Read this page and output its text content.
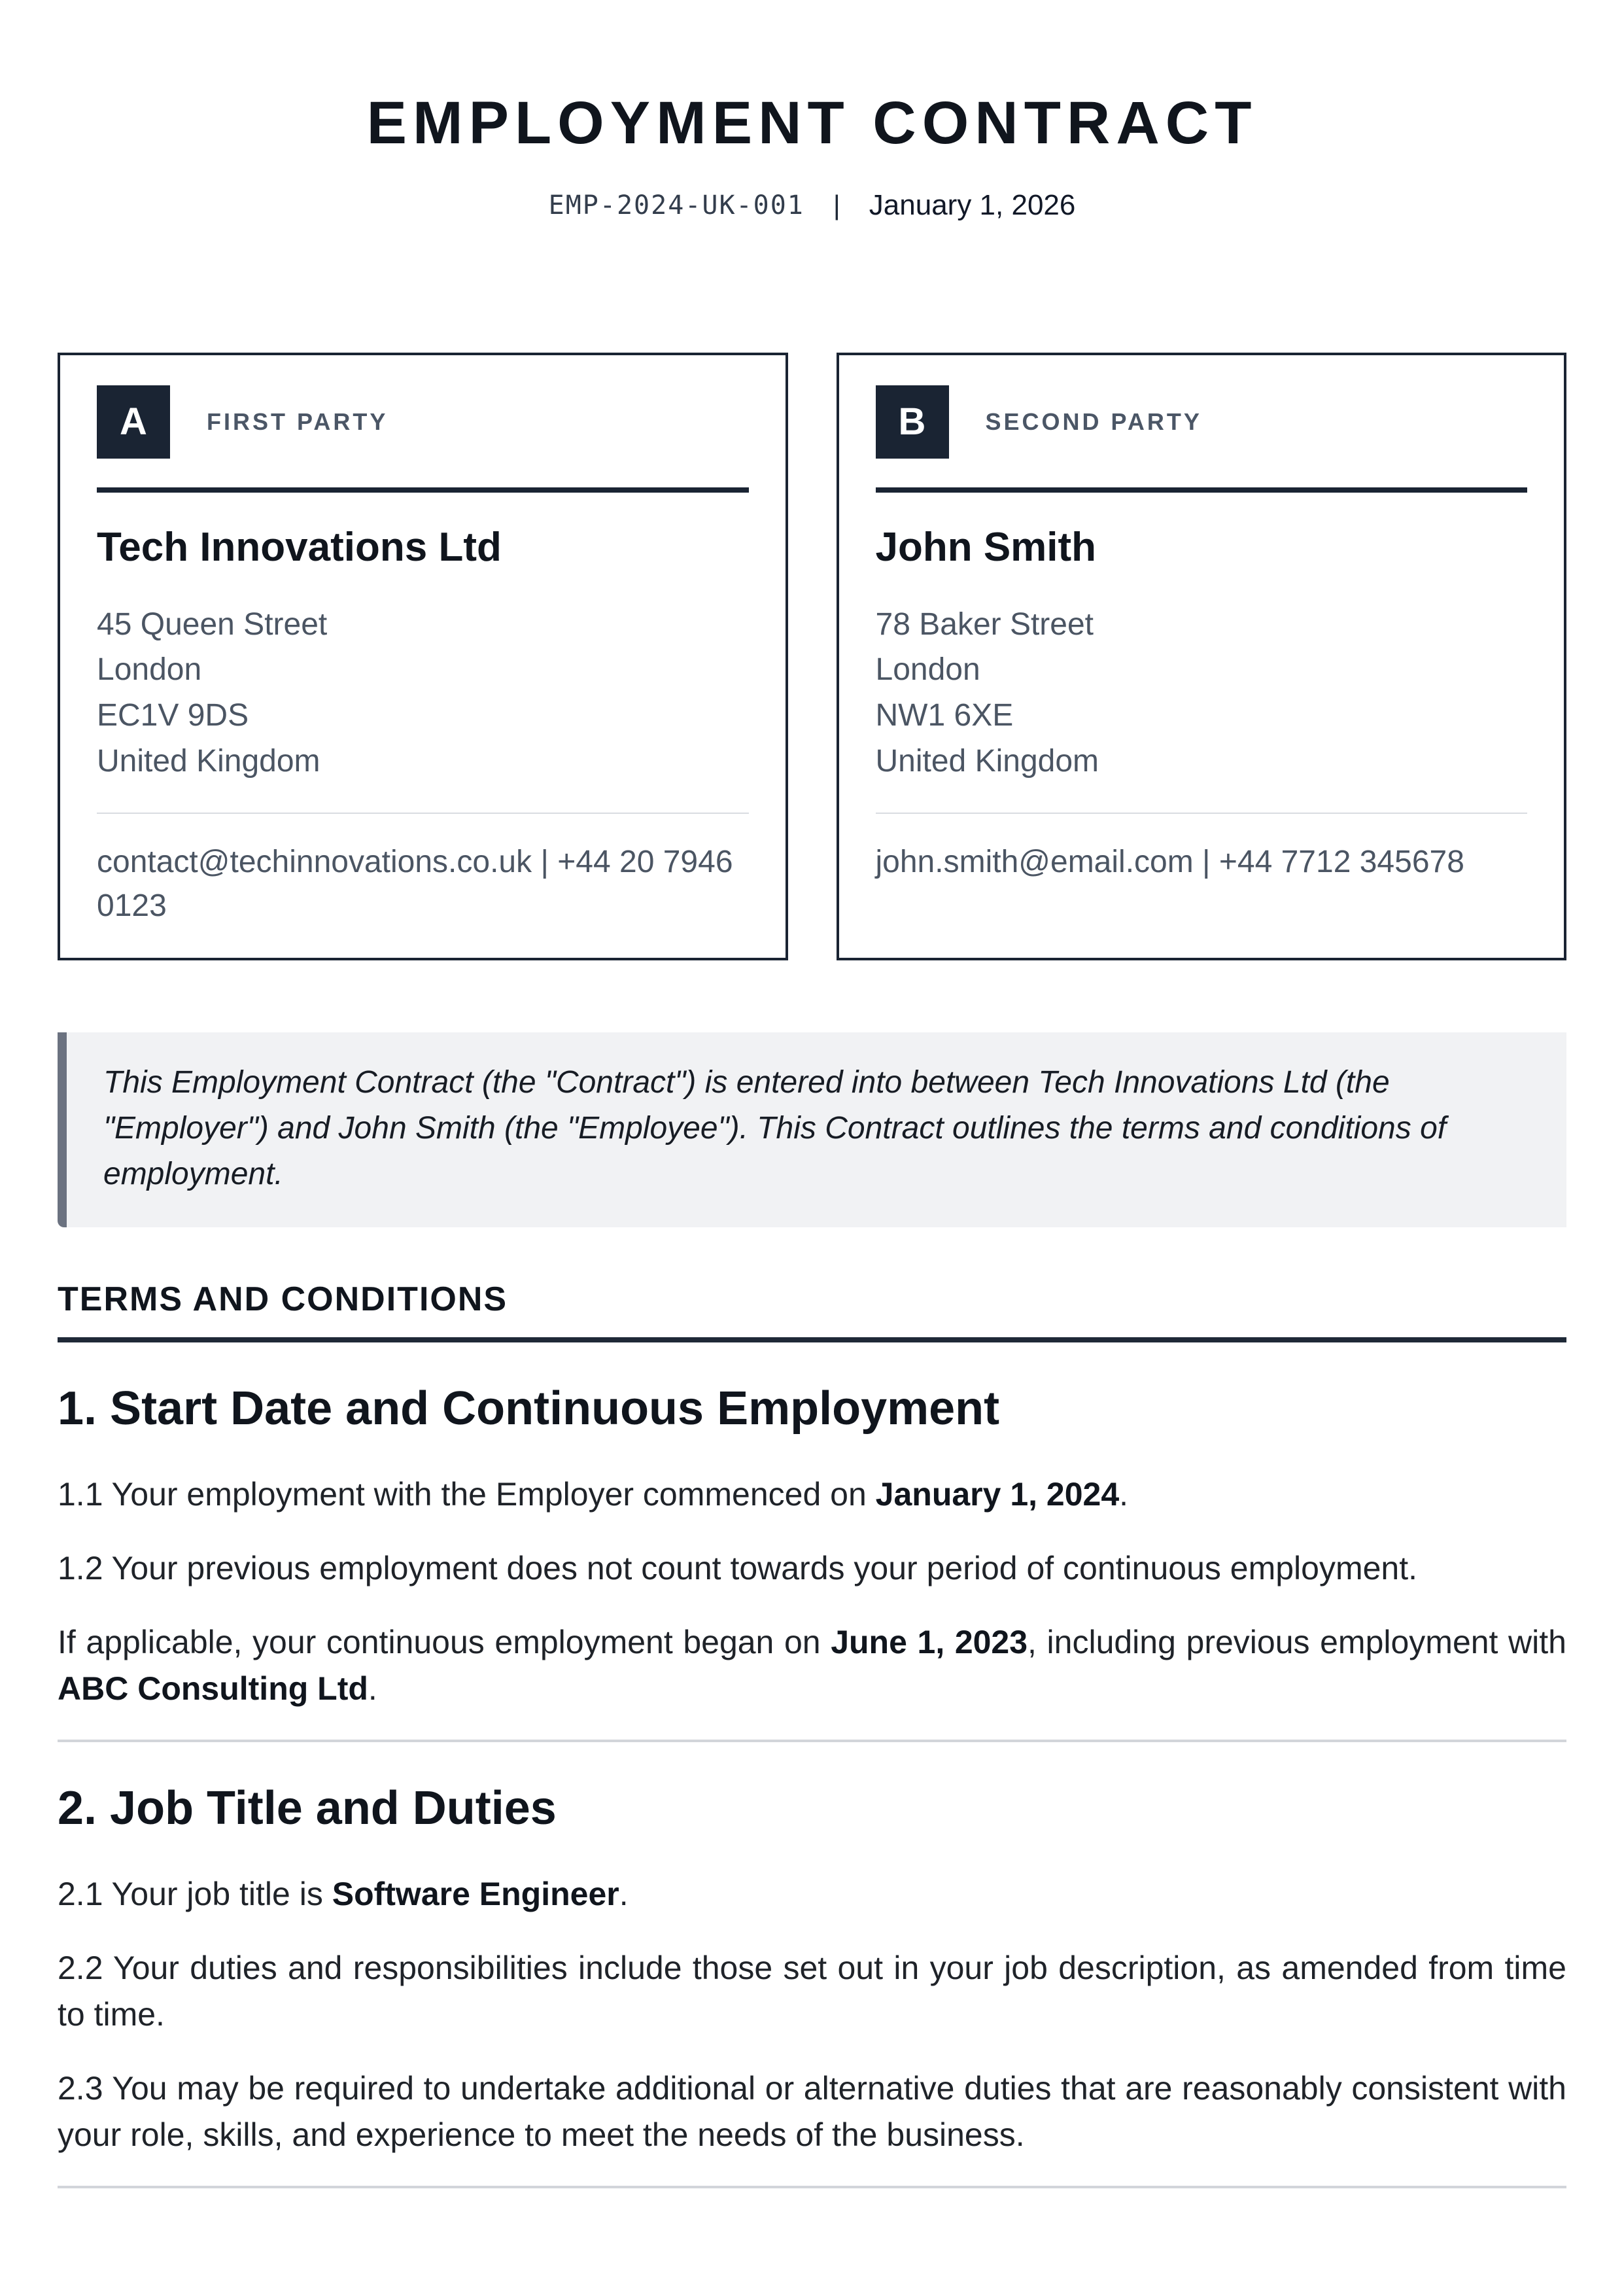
EMPLOYMENT CONTRACT
EMP-2024-UK-001 | January 1, 2026
A	FIRST PARTY
Tech Innovations Ltd
45 Queen Street
London
EC1V 9DS
United Kingdom
contact@techinnovations.co.uk | +44 20 7946 0123
B	SECOND PARTY
John Smith
78 Baker Street
London
NW1 6XE
United Kingdom
john.smith@email.com | +44 7712 345678
This Employment Contract (the "Contract") is entered into between Tech Innovations Ltd (the "Employer") and John Smith (the "Employee"). This Contract outlines the terms and conditions of employment.
TERMS AND CONDITIONS
1. Start Date and Continuous Employment

1.1 Your employment with the Employer commenced on January 1, 2024.

1.2 Your previous employment does not count towards your period of continuous employment.

If applicable, your continuous employment began on June 1, 2023, including previous employment with ABC Consulting Ltd.

2. Job Title and Duties

2.1 Your job title is Software Engineer.

2.2 Your duties and responsibilities include those set out in your job description, as amended from time to time.

2.3 You may be required to undertake additional or alternative duties that are reasonably consistent with your role, skills, and experience to meet the needs of the business.
